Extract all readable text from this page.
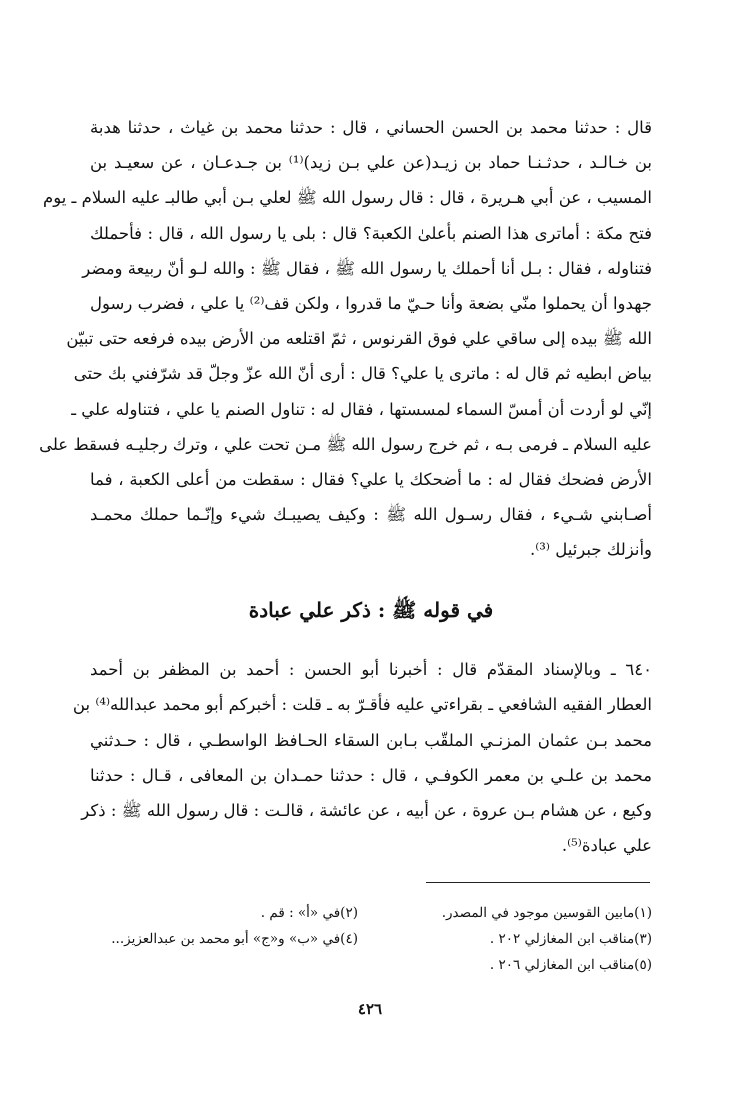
قال : حدثنا محمد بن الحسن الحساني ، قال : حدثنا محمد بن غياث ، حدثنا هدبة
بن خـالـد ، حدثـنـا حماد بن زيـد(عن علي بـن زيد)⁽¹⁾ بن جـدعـان ، عن سعيـد بن
المسيب ، عن أبي هـريرة ، قال : قال رسول الله ﷺ لعلي بـن أبي طالبـ عليه السلام ـ يوم
فتح مكة : أماترى هذا الصنم بأعلىٰ الكعبة؟ قال : بلى يا رسول الله ، قال : فأحملك
فتناوله ، فقال : بـل أنا أحملك يا رسول الله ﷺ ، فقال ﷺ : والله لـو أنّ ربيعة ومضر
جهدوا أن يحملوا منّي بضعة وأنا حـيّ ما قدروا ، ولكن قف⁽²⁾ يا علي ، فضرب رسول
الله ﷺ بيده إلى ساقي علي فوق القرنوس ، ثمّ اقتلعه من الأرض بيده فرفعه حتى تبيّن
بياض ابطيه ثم قال له : ماترى يا علي؟ قال : أرى أنّ الله عزّ وجلّ قد شرّفني بك حتى
إنّي لو أردت أن أمسّ السماء لمسستها ، فقال له : تناول الصنم يا علي ، فتناوله علي ـ
عليه السلام ـ فرمى بـه ، ثم خرج رسول الله ﷺ مـن تحت علي ، وترك رجليـه فسقط على
الأرض فضحك فقال له : ما أضحكك يا علي؟ فقال : سقطت من أعلى الكعبة ، فما
أصـابني شـيء ، فقال رسـول الله ﷺ : وكيف يصيبـك شيء وإنّـما حملك محمـد
وأنزلك جبرئيل ⁽³⁾.
في قوله ﷺ : ذكر علي عبادة
٦٤٠ ـ وبالإسناد المقدّم قال : أخبرنا أبو الحسن : أحمد بن المظفر بن أحمد
العطار الفقيه الشافعي ـ بقراءتي عليه فأقـرّ به ـ قلت : أخبركم أبو محمد عبدالله⁽⁴⁾ بن
محمد بـن عثمان المزنـي الملقّب بـابن السقاء الحـافظ الواسطـي ، قال : حـدثني
محمد بن علـي بن معمر الكوفـي ، قال : حدثنا حمـدان بن المعافى ، قـال : حدثنا
وكيع ، عن هشام بـن عروة ، عن أبيه ، عن عائشة ، قالـت : قال رسول الله ﷺ : ذكر
علي عبادة⁽⁵⁾.
(١)مابين القوسين موجود في المصدر.
(٢)في «أ» : قم .
(٣)مناقب ابن المغازلي ٢٠٢ .
(٤)في «ب» و«ج» أبو محمد بن عبدالعزيز...
(٥)مناقب ابن المغازلي ٢٠٦ .
٤٢٦
